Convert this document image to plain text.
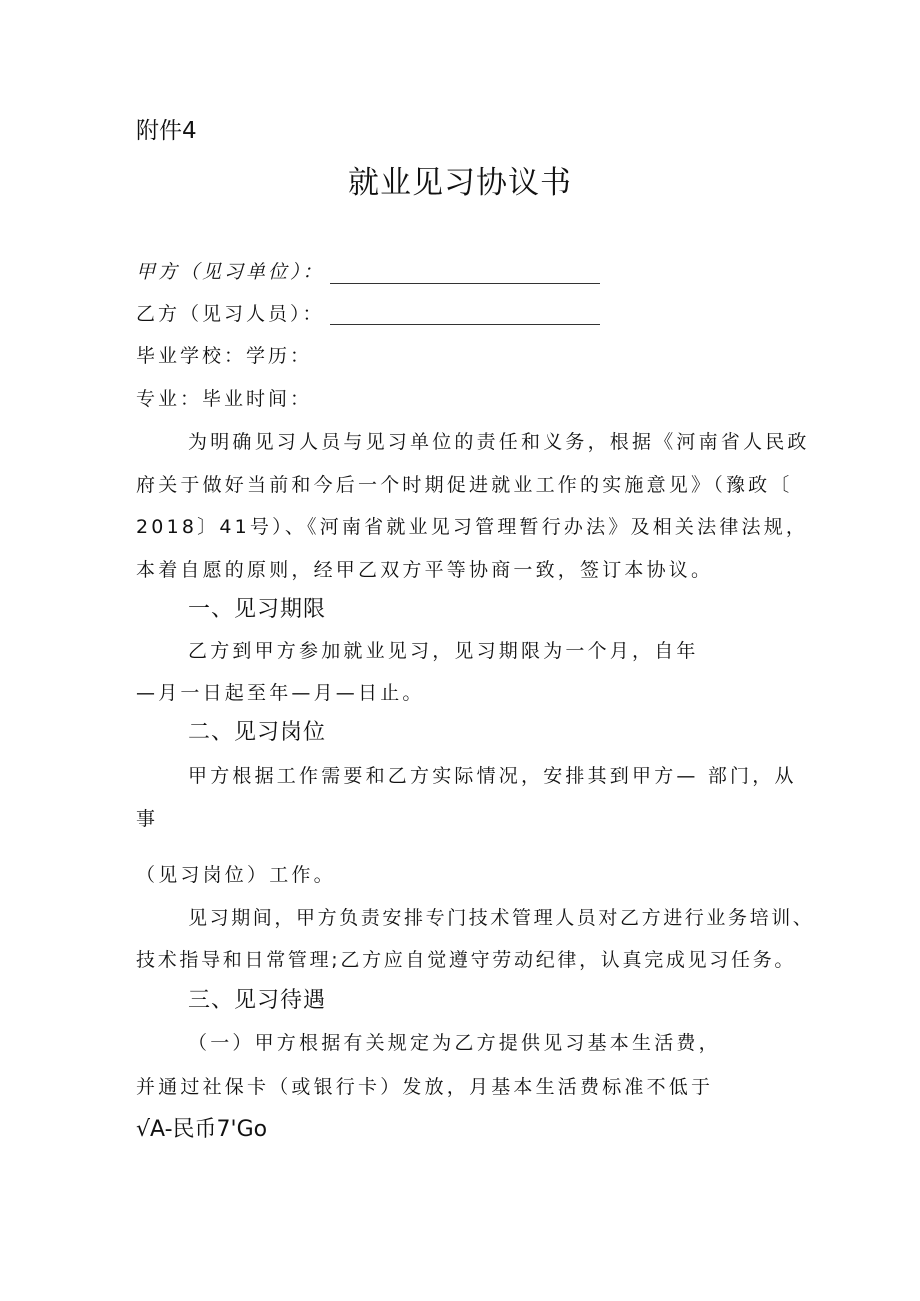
附件4
就业见习协议书
甲方（见习单位）：
乙方（见习人员）：
毕业学校：学历：
专业：毕业时间：
为明确见习人员与见习单位的责任和义务，根据《河南省人民政
府关于做好当前和今后一个时期促进就业工作的实施意见》（豫政〔
2018〕41号）、《河南省就业见习管理暂行办法》及相关法律法规，
本着自愿的原则，经甲乙双方平等协商一致，签订本协议。
一、见习期限
乙方到甲方参加就业见习，见习期限为一个月，自年
—月一日起至年—月—日止。
二、见习岗位
甲方根据工作需要和乙方实际情况，安排其到甲方— 部门，从
事
（见习岗位）工作。
见习期间，甲方负责安排专门技术管理人员对乙方进行业务培训、
技术指导和日常管理;乙方应自觉遵守劳动纪律，认真完成见习任务。
三、见习待遇
（一）甲方根据有关规定为乙方提供见习基本生活费，
并通过社保卡（或银行卡）发放，月基本生活费标准不低于
√A-民币7'Go
